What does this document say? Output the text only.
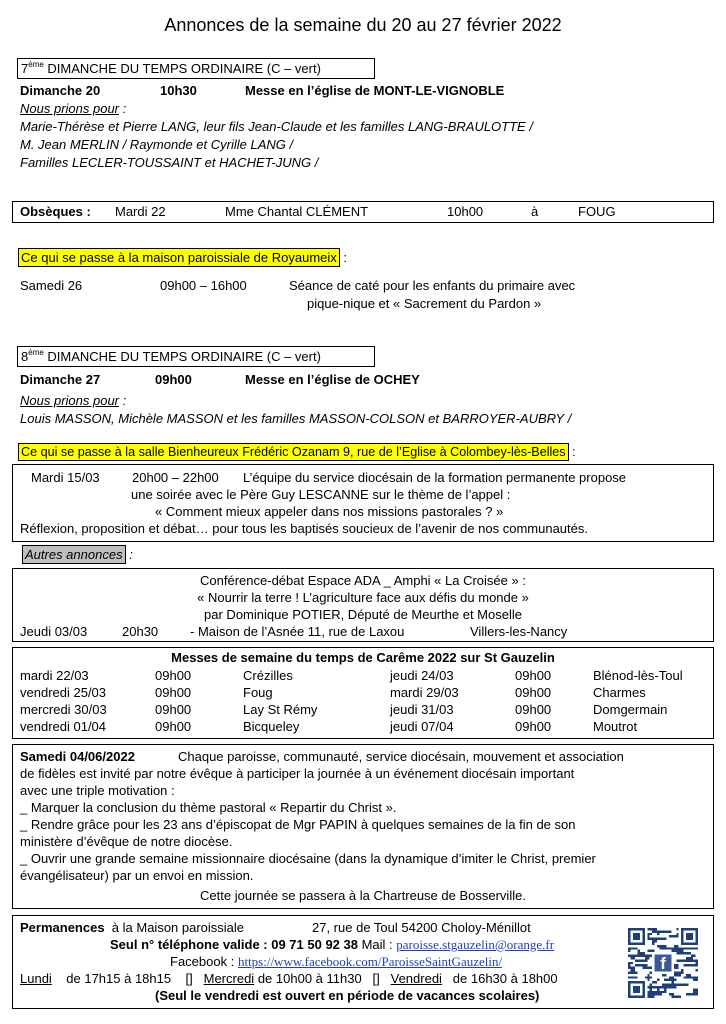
Annonces de la semaine du 20 au 27 février 2022
7ème DIMANCHE DU TEMPS ORDINAIRE (C – vert)
Dimanche 20	10h30	Messe en l’église de MONT-LE-VIGNOBLE
Nous prions pour :
Marie-Thérèse et Pierre LANG, leur fils Jean-Claude et les familles LANG-BRAULOTTE /
M. Jean MERLIN / Raymonde et Cyrille LANG /
Familles LECLER-TOUSSAINT et HACHET-JUNG /
Obsèques : Mardi 22	Mme Chantal CLÉMENT	10h00	à	FOUG
Ce qui se passe à la maison paroissiale de Royaumeix :
Samedi 26	09h00 – 16h00	Séance de caté pour les enfants du primaire avec
pique-nique et « Sacrement du Pardon »
8ème DIMANCHE DU TEMPS ORDINAIRE (C – vert)
Dimanche 27	09h00	Messe en l’église de OCHEY
Nous prions pour :
Louis MASSON, Michèle MASSON et les familles MASSON-COLSON et BARROYER-AUBRY /
Ce qui se passe à la salle Bienheureux Frédéric Ozanam 9, rue de l’Eglise à Colombey-lès-Belles :
Mardi 15/03 20h00 – 22h00 L’équipe du service diocésain de la formation permanente propose
une soirée avec le Père Guy LESCANNE sur le thème de l’appel :
« Comment mieux appeler dans nos missions pastorales ? »
Réflexion, proposition et débat… pour tous les baptisés soucieux de l’avenir de nos communautés.
Autres annonces :
Conférence-débat Espace ADA _ Amphi « La Croisée » :
« Nourrir la terre ! L’agriculture face aux défis du monde »
par Dominique POTIER, Député de Meurthe et Moselle
Jeudi 03/03	20h30 - Maison de l’Asnée 11, rue de Laxou	Villers-les-Nancy
Messes de semaine du temps de Carême 2022 sur St Gauzelin
mardi 22/03	09h00	Crézilles	jeudi 24/03	09h00	Blénod-lès-Toul
vendredi 25/03	09h00	Foug	mardi 29/03	09h00	Charmes
mercredi 30/03	09h00	Lay St Rémy	jeudi 31/03	09h00	Domgermain
vendredi 01/04	09h00	Bicqueley	jeudi 07/04	09h00	Moutrot
Samedi 04/06/2022	Chaque paroisse, communauté, service diocésain, mouvement et association
de fidèles est invité par notre évêque à participer la journée à un événement diocésain important
avec une triple motivation :
_ Marquer la conclusion du thème pastoral « Repartir du Christ ».
_ Rendre grâce pour les 23 ans d’épiscopat de Mgr PAPIN à quelques semaines de la fin de son
ministère d’évêque de notre diocèse.
_ Ouvrir une grande semaine missionnaire diocésaine (dans la dynamique d’imiter le Christ, premier
évangélisateur) par un envoi en mission.
Cette journée se passera à la Chartreuse de Bosserville.
Permanences à la Maison paroissiale	27, rue de Toul 54200 Choloy-Ménillot
Seul n° téléphone valide : 09 71 50 92 38 Mail : paroisse.stgauzelin@orange.fr
Facebook : https://www.facebook.com/ParoisseSaintGauzelin/
Lundi de 17h15 à 18h15 [] Mercredi de 10h00 à 11h30 [] Vendredi de 16h30 à 18h00
(Seul le vendredi est ouvert en période de vacances scolaires)
f
